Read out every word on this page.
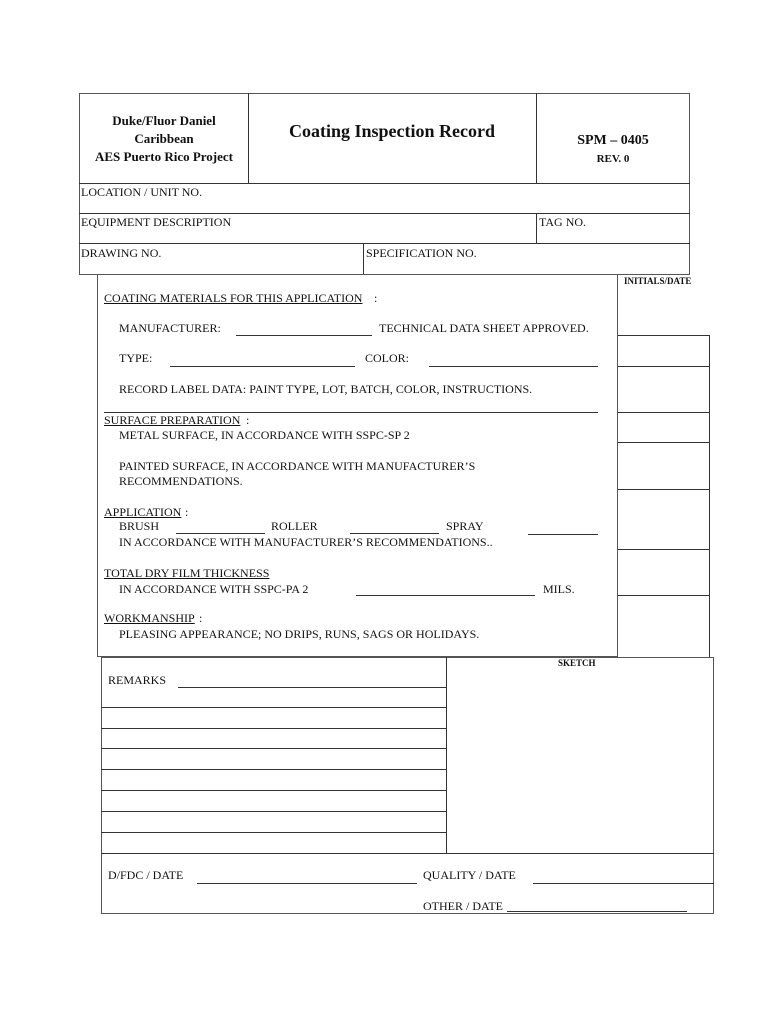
Duke/Fluor Daniel
Caribbean
AES Puerto Rico Project
Coating Inspection Record	SPM – 0405
REV. 0
LOCATION / UNIT NO.
EQUIPMENT DESCRIPTION	TAG NO.
DRAWING NO.	SPECIFICATION NO.
INITIALS/DATE
COATING MATERIALS FOR THIS APPLICATION :
MANUFACTURER:	TECHNICAL DATA SHEET APPROVED.
TYPE:	COLOR:
RECORD LABEL DATA: PAINT TYPE, LOT, BATCH, COLOR, INSTRUCTIONS.
SURFACE PREPARATION :
METAL SURFACE, IN ACCORDANCE WITH SSPC-SP 2
PAINTED SURFACE, IN ACCORDANCE WITH MANUFACTURER’S
RECOMMENDATIONS.
APPLICATION :
BRUSH	ROLLER	SPRAY
IN ACCORDANCE WITH MANUFACTURER’S RECOMMENDATIONS..
TOTAL DRY FILM THICKNESS
IN ACCORDANCE WITH SSPC-PA 2	MILS.
WORKMANSHIP :
PLEASING APPEARANCE; NO DRIPS, RUNS, SAGS OR HOLIDAYS.
SKETCH
REMARKS
D/FDC / DATE	QUALITY / DATE
OTHER / DATE
